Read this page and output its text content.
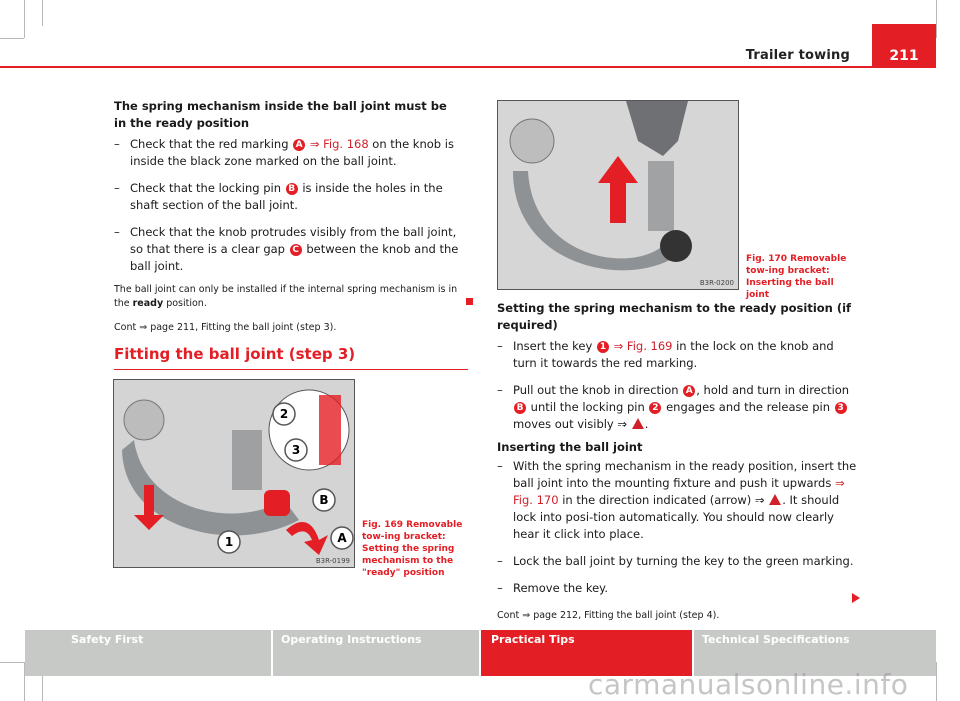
Trailer towing	211
The spring mechanism inside the ball joint must be in the ready position
– Check that the red marking A ⇒ Fig. 168 on the knob is inside the black zone marked on the ball joint.
– Check that the locking pin B is inside the holes in the shaft section of the ball joint.
– Check that the knob protrudes visibly from the ball joint, so that there is a clear gap C between the knob and the ball joint.
The ball joint can only be installed if the internal spring mechanism is in the ready position.
Cont ⇒ page 211, Fitting the ball joint (step 3).
Fitting the ball joint (step 3)
2
3
B
A
1
B3R-0199
Fig. 169 Removable tow-ing bracket: Setting the spring mechanism to the "ready" position
B3R-0200
Fig. 170 Removable tow-ing bracket: Inserting the ball joint
Setting the spring mechanism to the ready position (if required)
– Insert the key 1 ⇒ Fig. 169 in the lock on the knob and turn it towards the red marking.
– Pull out the knob in direction A , hold and turn in direction B until the locking pin 2 engages and the release pin 3 moves out visibly ⇒ ! .
Inserting the ball joint
– With the spring mechanism in the ready position, insert the ball joint into the mounting fixture and push it upwards ⇒ Fig. 170 in the direction indicated (arrow) ⇒ ! . It should lock into posi-tion automatically. You should now clearly hear it click into place.
– Lock the ball joint by turning the key to the green marking.
– Remove the key.
Cont ⇒ page 212, Fitting the ball joint (step 4).
Safety First	Operating Instructions	Practical Tips	Technical Specifications
carmanualsonline.info
